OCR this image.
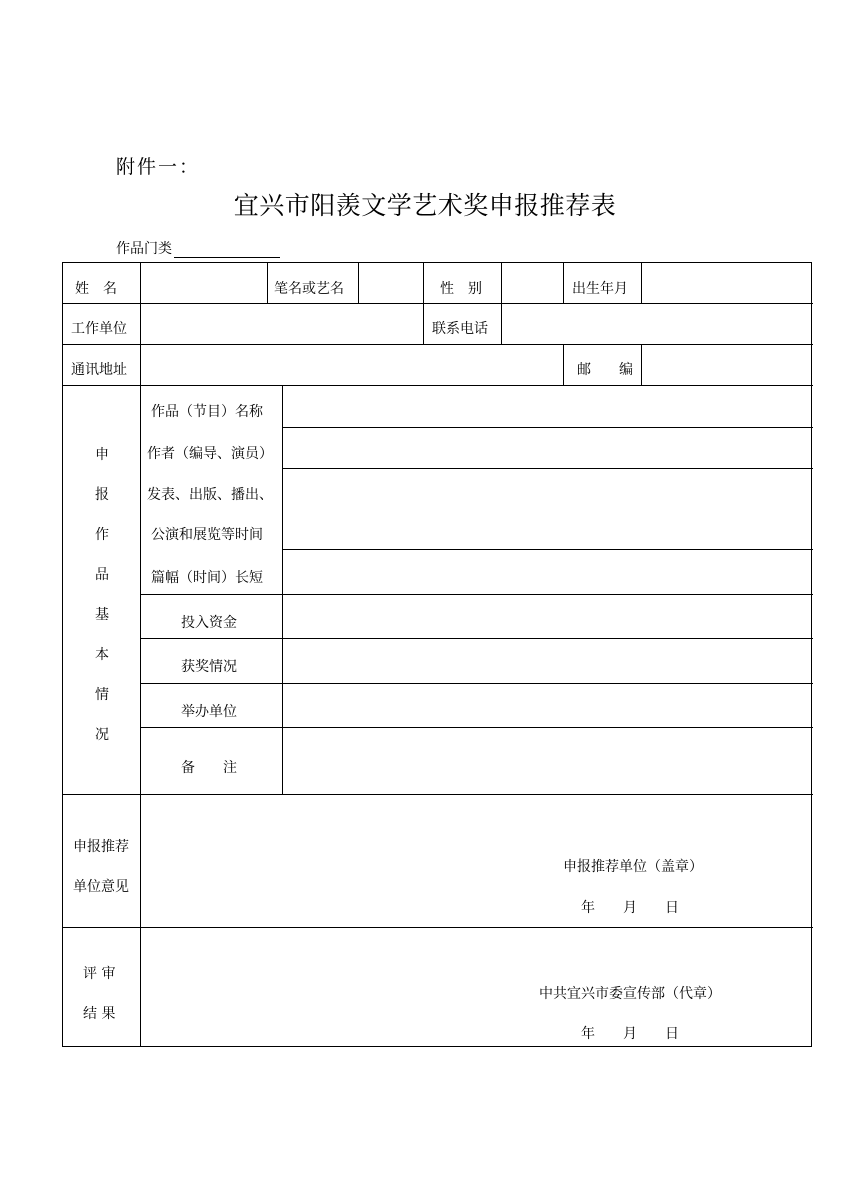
附件一：
宜兴市阳羡文学艺术奖申报推荐表
作品门类
姓　名	笔名或艺名	性　别	出生年月
工作单位	联系电话
通讯地址	邮　　编
申
报
作
品
基
本
情
况
作品（节目）名称
作者（编导、演员）
发表、出版、播出、
公演和展览等时间
篇幅（时间）长短
投入资金
获奖情况
举办单位
备　　注
申报推荐
单位意见
申报推荐单位（盖章）
年　　月　　日
评 审
结 果
中共宜兴市委宣传部（代章）
年　　月　　日
